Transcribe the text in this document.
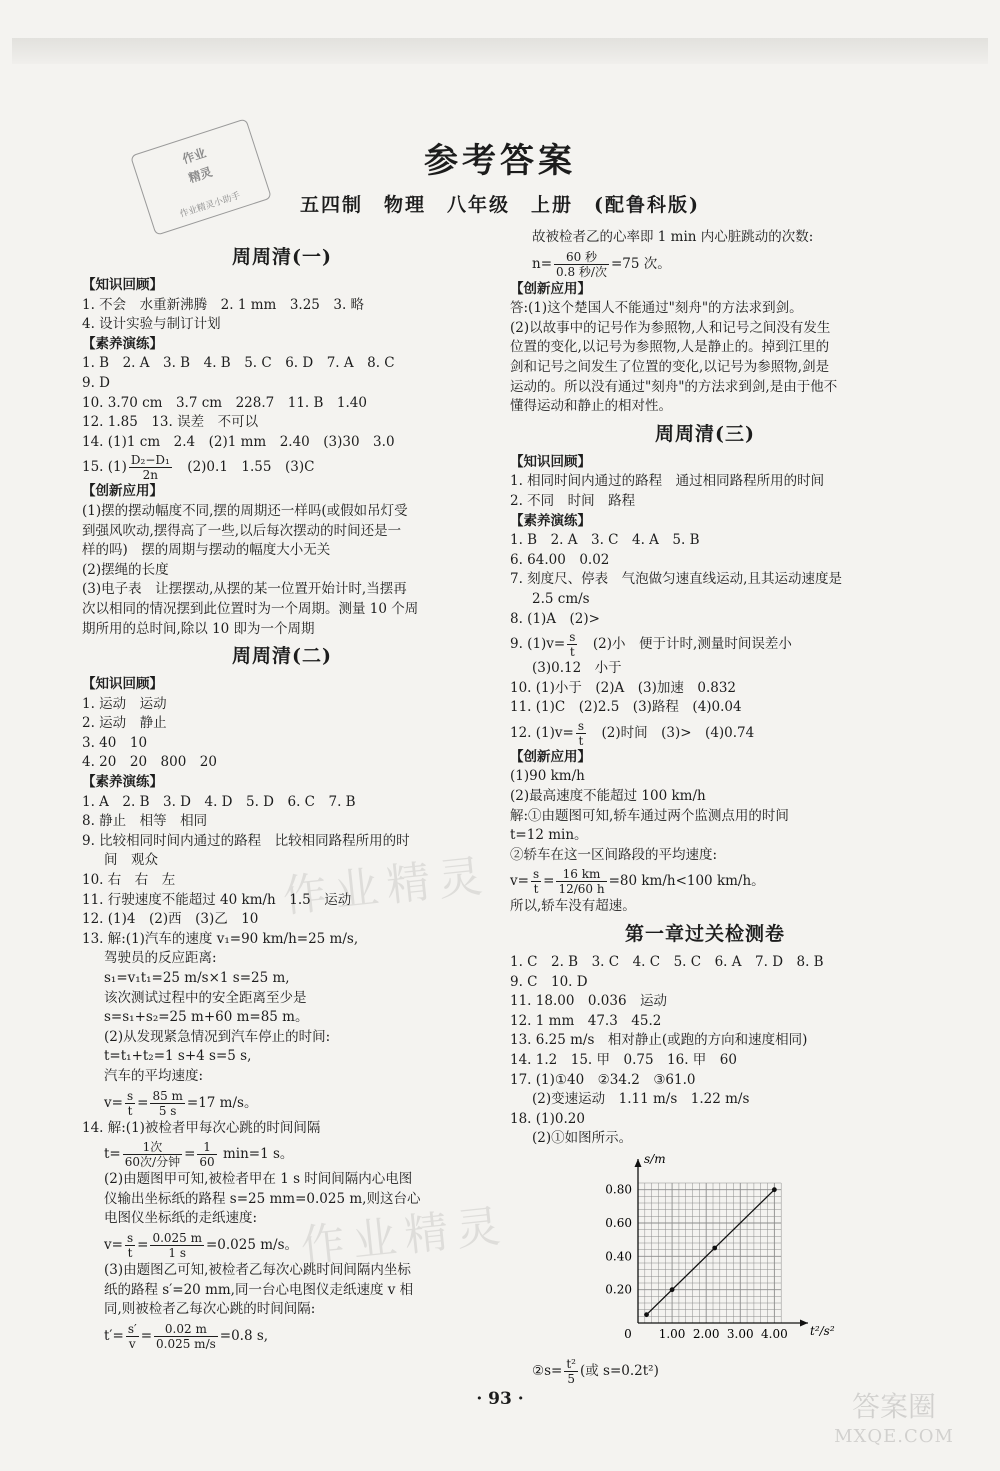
作业
精灵
作业精灵小助手
参考答案
五四制　物理　八年级　上册　(配鲁科版)
作业精灵
作业精灵
周周清(一)

【知识回顾】

1. 不会　水重新沸腾　2. 1 mm　3.25　3. 略

4. 设计实验与制订计划

【素养演练】

1. B　2. A　3. B　4. B　5. C　6. D　7. A　8. C

9. D

10. 3.70 cm　3.7 cm　228.7　11. B　1.40

12. 1.85　13. 误差　不可以

14. (1)1 cm　2.4　(2)1 mm　2.40　(3)30　3.0

15. $(1) \frac{\text{D₂−D₁}}{2n}$ 　(2)0.1　1.55　(3)C

【创新应用】

(1)摆的摆动幅度不同,摆的周期还一样吗(或假如吊灯受

到强风吹动,摆得高了一些,以后每次摆动的时间还是一

样的吗)　摆的周期与摆动的幅度大小无关

(2)摆绳的长度

(3)电子表　让摆摆动,从摆的某一位置开始计时,当摆再

次以相同的情况摆到此位置时为一个周期。测量 10 个周

期所用的总时间,除以 10 即为一个周期

周周清(二)

【知识回顾】

1. 运动　运动

2. 运动　静止

3. 40　10

4. 20　20　800　20

【素养演练】

1. A　2. B　3. D　4. D　5. D　6. C　7. B

8. 静止　相等　相同

9. 比较相同时间内通过的路程　比较相同路程所用的时

间　观众

10. 右　右　左

11. 行驶速度不能超过 40 km/h　1.5　运动

12. (1)4　(2)西　(3)乙　10

13. 解:(1)汽车的速度 v₁=90 km/h=25 m/s,

驾驶员的反应距离:

s₁=v₁t₁=25 m/s×1 s=25 m,

该次测试过程中的安全距离至少是

s=s₁+s₂=25 m+60 m=85 m。

(2)从发现紧急情况到汽车停止的时间:

t=t₁+t₂=1 s+4 s=5 s,

汽车的平均速度:

$v= \frac{s}{t} = \frac{85 m}{5 s} =17$ m/s。

14. 解:(1)被检者甲每次心跳的时间间隔

$t= \frac{\text{1次}}{\text{60次/分钟}} = \frac{1}{60} \min=1$ s。

(2)由题图甲可知,被检者甲在 1 s 时间间隔内心电图

仪输出坐标纸的路程 s=25 mm=0.025 m,则这台心

电图仪坐标纸的走纸速度:

$v= \frac{s}{t} = \frac{0.025 m}{1 s} =0.025$ m/s。

(3)由题图乙可知,被检者乙每次心跳时间间隔内坐标

纸的路程 s′=20 mm,同一台心电图仪走纸速度 v 相

同,则被检者乙每次心跳的时间间隔:

$t'= \frac{s'}{v} = \frac{0.02 m}{0.025 m/s} =0.8$ s,

故被检者乙的心率即 1 min 内心脏跳动的次数:

$n= \frac{\text{60 秒}}{\text{0.8 秒/次}} =75$ 次。

【创新应用】

答:(1)这个楚国人不能通过"刻舟"的方法求到剑。

(2)以故事中的记号作为参照物,人和记号之间没有发生

位置的变化,以记号为参照物,人是静止的。掉到江里的

剑和记号之间发生了位置的变化,以记号为参照物,剑是

运动的。所以没有通过"刻舟"的方法求到剑,是由于他不

懂得运动和静止的相对性。

周周清(三)

【知识回顾】

1. 相同时间内通过的路程　通过相同路程所用的时间

2. 不同　时间　路程

【素养演练】

1. B　2. A　3. C　4. A　5. B

6. 64.00　0.02

7. 刻度尺、停表　气泡做匀速直线运动,且其运动速度是

2.5 cm/s

8. (1)A　(2)>

9. $(1)v= \frac{s}{t}$ 　(2)小　便于计时,测量时间误差小

(3)0.12　小于

10. (1)小于　(2)A　(3)加速　0.832

11. (1)C　(2)2.5　(3)路程　(4)0.04

12. $(1)v= \frac{s}{t}$ 　(2)时间　(3)>　(4)0.74

【创新应用】

(1)90 km/h

(2)最高速度不能超过 100 km/h

解:①由题图可知,轿车通过两个监测点用的时间

t=12 min。

②轿车在这一区间路段的平均速度:

$v= \frac{s}{t} = \frac{16 km}{12/60 h} =80$ km/h<100 km/h。

所以,轿车没有超速。

第一章过关检测卷

1. C　2. B　3. C　4. C　5. C　6. A　7. D　8. B

9. C　10. D

11. 18.00　0.036　运动

12. 1 mm　47.3　45.2

13. 6.25 m/s　相对静止(或跑的方向和速度相同)

14. 1.2　15. 甲　0.75　16. 甲　60

17. (1)①40　②34.2　③61.0

(2)变速运动　1.11 m/s　1.22 m/s

18. (1)0.20

(2)①如图所示。

1.00 2.00 3.00 4.00
0.20
0.40
0.60
0.80
0	t²/s²
s/m

②s= $\frac{\text{t²}}{5}$ (或 s=0.2t²)

· 93 ·	答案圈
MXQE.COM
